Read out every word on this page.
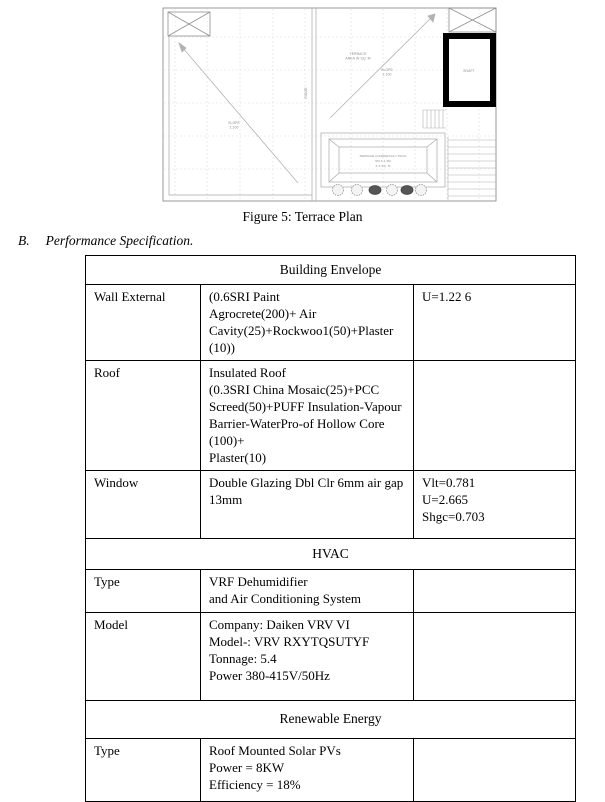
SHAFT
TERRACE
AREA IN SQ. M
SLOPE
1:100
SLOPE
1:100
RIDGE
TERRACE (GARDEN/LILY POOL
5M X 1.2M
X.X SQ. M
Figure 5: Terrace Plan
B. Performance Specification.
Building Envelope		
Wall External	(0.6SRI Paint
Agrocrete(200)+ Air
Cavity(25)+Rockwoo1(50)+Plaster (10))	U=1.22 6
Roof	Insulated Roof
(0.3SRI China Mosaic(25)+PCC
Screed(50)+PUFF Insulation-Vapour
Barrier-WaterPro-of Hollow Core (100)+
Plaster(10)	
Window	Double Glazing Dbl Clr 6mm air gap
13mm	Vlt=0.781
U=2.665
Shgc=0.703
HVAC		
Type	VRF Dehumidifier
and Air Conditioning System	
Model	Company: Daiken VRV VI
Model-: VRV RXYTQSUTYF
Tonnage: 5.4
Power 380-415V/50Hz	
Renewable Energy		
Type	Roof Mounted Solar PVs
Power = 8KW
Efficiency = 18%	
